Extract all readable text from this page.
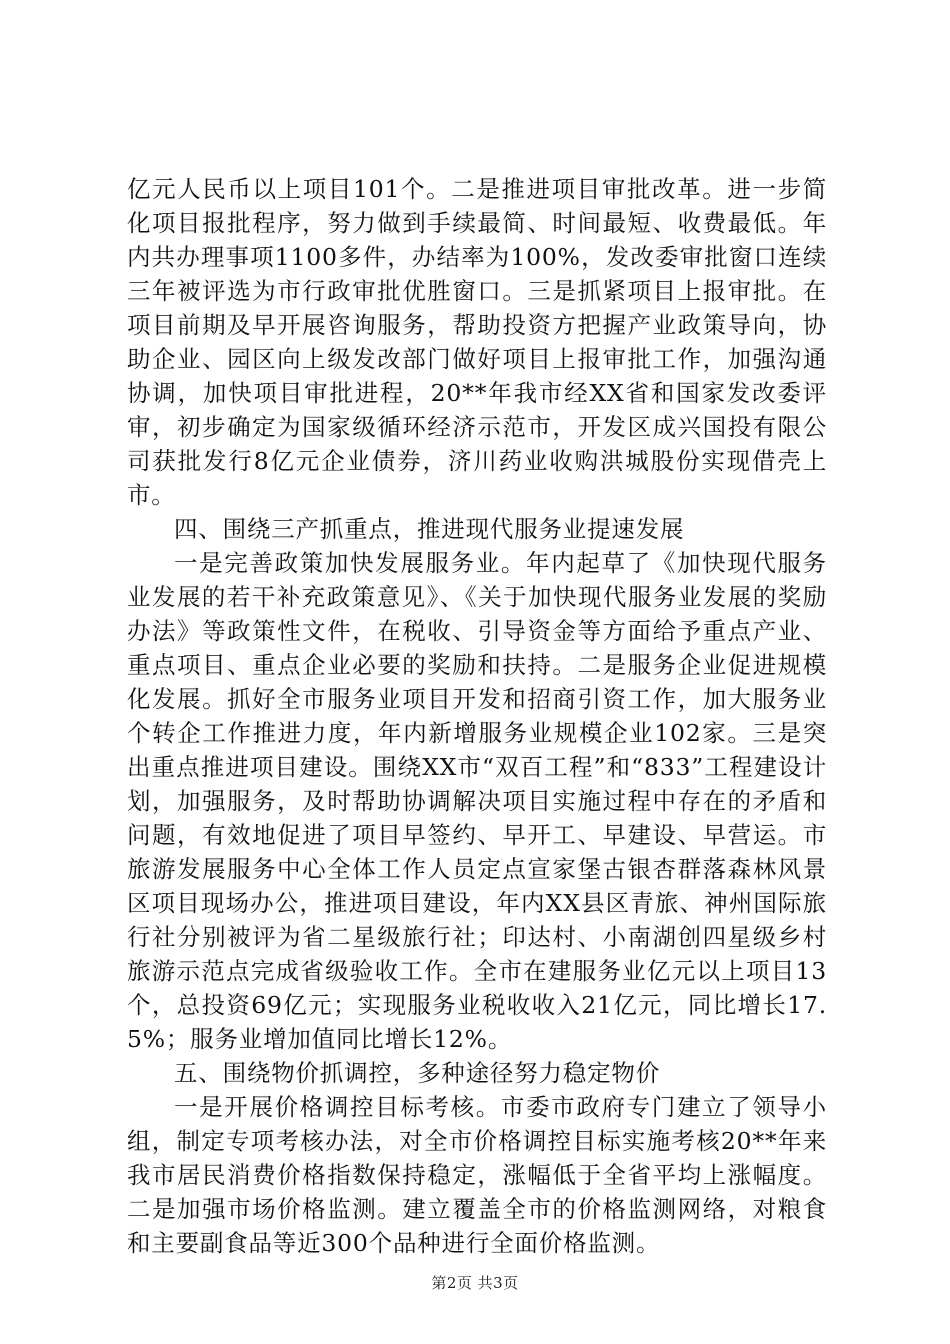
亿元人民币以上项目101个。二是推进项目审批改革。进一步简化项目报批程序，努力做到手续最简、时间最短、收费最低。年内共办理事项1100多件，办结率为100%，发改委审批窗口连续三年被评选为市行政审批优胜窗口。三是抓紧项目上报审批。在项目前期及早开展咨询服务，帮助投资方把握产业政策导向，协助企业、园区向上级发改部门做好项目上报审批工作，加强沟通协调，加快项目审批进程，20**年我市经XX省和国家发改委评审，初步确定为国家级循环经济示范市，开发区成兴国投有限公司获批发行8亿元企业债券，济川药业收购洪城股份实现借壳上市。

四、围绕三产抓重点，推进现代服务业提速发展

一是完善政策加快发展服务业。年内起草了《加快现代服务业发展的若干补充政策意见》、《关于加快现代服务业发展的奖励办法》等政策性文件，在税收、引导资金等方面给予重点产业、重点项目、重点企业必要的奖励和扶持。二是服务企业促进规模化发展。抓好全市服务业项目开发和招商引资工作，加大服务业个转企工作推进力度，年内新增服务业规模企业102家。三是突出重点推进项目建设。围绕XX市“双百工程”和“833”工程建设计划，加强服务，及时帮助协调解决项目实施过程中存在的矛盾和问题，有效地促进了项目早签约、早开工、早建设、早营运。市旅游发展服务中心全体工作人员定点宣家堡古银杏群落森林风景区项目现场办公，推进项目建设，年内XX县区青旅、神州国际旅行社分别被评为省二星级旅行社；印达村、小南湖创四星级乡村旅游示范点完成省级验收工作。全市在建服务业亿元以上项目13个，总投资69亿元；实现服务业税收收入21亿元，同比增长17.5%；服务业增加值同比增长12%。

五、围绕物价抓调控，多种途径努力稳定物价

一是开展价格调控目标考核。市委市政府专门建立了领导小组，制定专项考核办法，对全市价格调控目标实施考核20**年来我市居民消费价格指数保持稳定，涨幅低于全省平均上涨幅度。二是加强市场价格监测。建立覆盖全市的价格监测网络，对粮食和主要副食品等近300个品种进行全面价格监测。

第2页 共3页
